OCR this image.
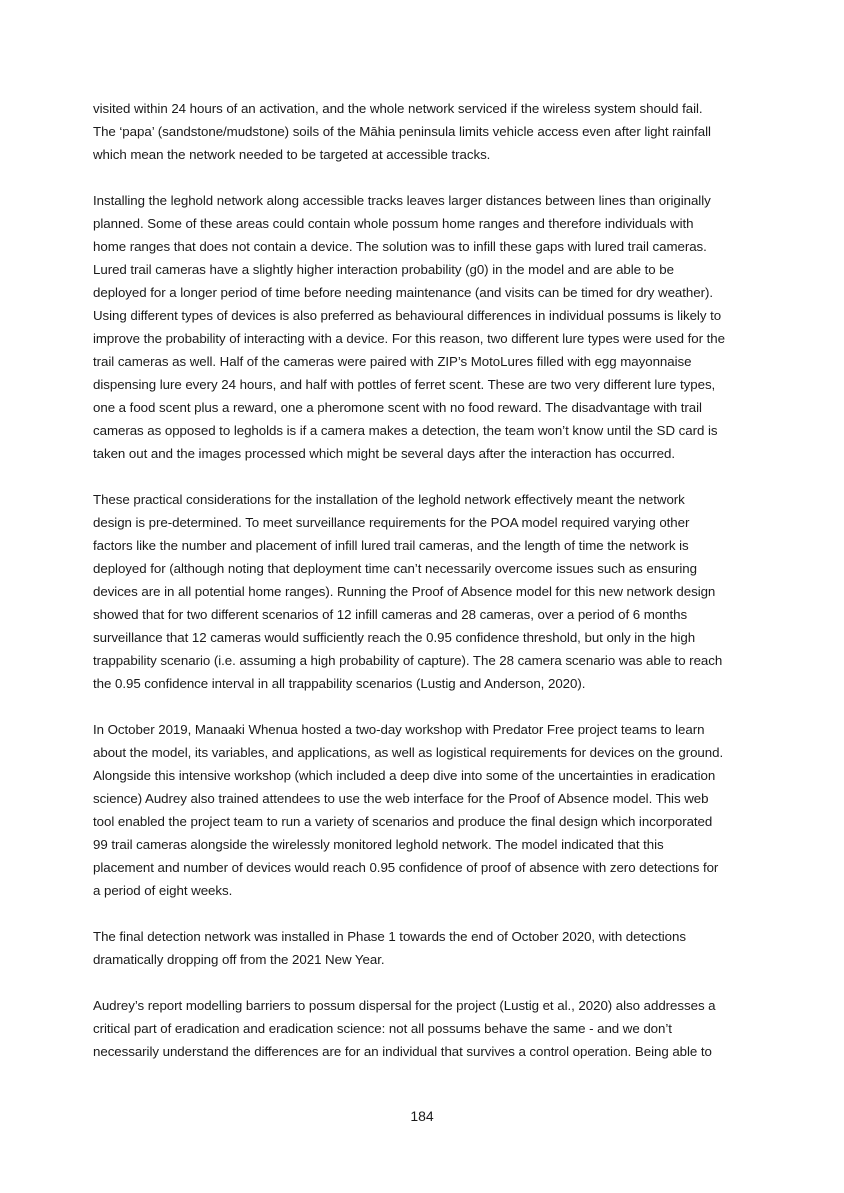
visited within 24 hours of an activation, and the whole network serviced if the wireless system should fail.
The ‘papa’ (sandstone/mudstone) soils of the Māhia peninsula limits vehicle access even after light rainfall
which mean the network needed to be targeted at accessible tracks.

Installing the leghold network along accessible tracks leaves larger distances between lines than originally
planned. Some of these areas could contain whole possum home ranges and therefore individuals with
home ranges that does not contain a device. The solution was to infill these gaps with lured trail cameras.
Lured trail cameras have a slightly higher interaction probability (g0) in the model and are able to be
deployed for a longer period of time before needing maintenance (and visits can be timed for dry weather).
Using different types of devices is also preferred as behavioural differences in individual possums is likely to
improve the probability of interacting with a device. For this reason, two different lure types were used for the
trail cameras as well. Half of the cameras were paired with ZIP’s MotoLures filled with egg mayonnaise
dispensing lure every 24 hours, and half with pottles of ferret scent. These are two very different lure types,
one a food scent plus a reward, one a pheromone scent with no food reward. The disadvantage with trail
cameras as opposed to legholds is if a camera makes a detection, the team won’t know until the SD card is
taken out and the images processed which might be several days after the interaction has occurred.

These practical considerations for the installation of the leghold network effectively meant the network
design is pre-determined. To meet surveillance requirements for the POA model required varying other
factors like the number and placement of infill lured trail cameras, and the length of time the network is
deployed for (although noting that deployment time can’t necessarily overcome issues such as ensuring
devices are in all potential home ranges). Running the Proof of Absence model for this new network design
showed that for two different scenarios of 12 infill cameras and 28 cameras, over a period of 6 months
surveillance that 12 cameras would sufficiently reach the 0.95 confidence threshold, but only in the high
trappability scenario (i.e. assuming a high probability of capture). The 28 camera scenario was able to reach
the 0.95 confidence interval in all trappability scenarios (Lustig and Anderson, 2020).

In October 2019, Manaaki Whenua hosted a two-day workshop with Predator Free project teams to learn
about the model, its variables, and applications, as well as logistical requirements for devices on the ground.
Alongside this intensive workshop (which included a deep dive into some of the uncertainties in eradication
science) Audrey also trained attendees to use the web interface for the Proof of Absence model. This web
tool enabled the project team to run a variety of scenarios and produce the final design which incorporated
99 trail cameras alongside the wirelessly monitored leghold network. The model indicated that this
placement and number of devices would reach 0.95 confidence of proof of absence with zero detections for
a period of eight weeks.

The final detection network was installed in Phase 1 towards the end of October 2020, with detections
dramatically dropping off from the 2021 New Year.

Audrey’s report modelling barriers to possum dispersal for the project (Lustig et al., 2020) also addresses a
critical part of eradication and eradication science: not all possums behave the same - and we don’t
necessarily understand the differences are for an individual that survives a control operation. Being able to

184
